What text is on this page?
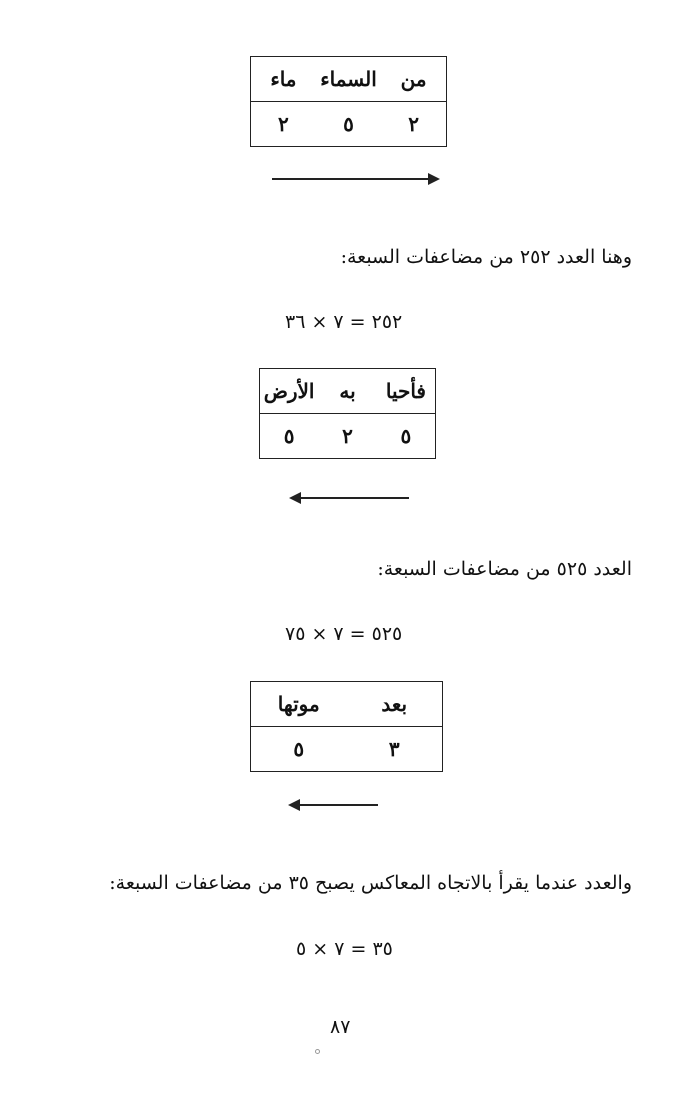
من	السماء	ماء
٢	٥	٢
وهنا العدد ٢٥٢ من مضاعفات السبعة:
٢٥٢ = ٧ × ٣٦
فأحيا	به	الأرض
٥	٢	٥
العدد ٥٢٥ من مضاعفات السبعة:
٥٢٥ = ٧ × ٧٥
بعد	موتها
٣	٥
والعدد عندما يقرأ بالاتجاه المعاكس يصبح ٣٥ من مضاعفات السبعة:
٣٥ = ٧ × ٥
٨٧
